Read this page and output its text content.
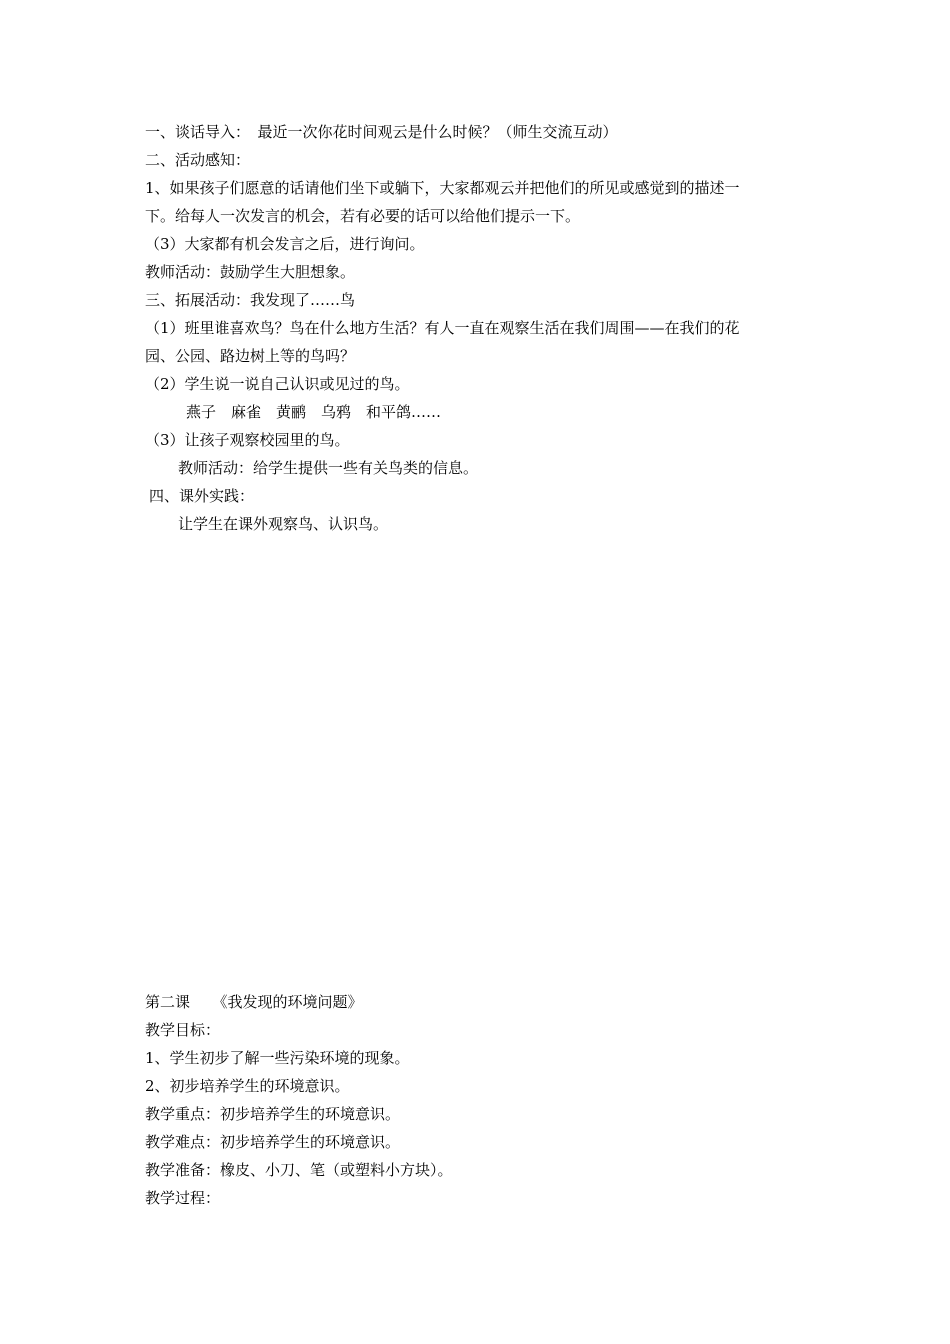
一、谈话导入：　最近一次你花时间观云是什么时候？（师生交流互动）
二、活动感知：
1、如果孩子们愿意的话请他们坐下或躺下，大家都观云并把他们的所见或感觉到的描述一
下。给每人一次发言的机会，若有必要的话可以给他们提示一下。
（3）大家都有机会发言之后，进行询问。
教师活动：鼓励学生大胆想象。
三、拓展活动：我发现了……鸟
（1）班里谁喜欢鸟？鸟在什么地方生活？有人一直在观察生活在我们周围——在我们的花
园、公园、路边树上等的鸟吗？
（2）学生说一说自己认识或见过的鸟。
燕子　麻雀　黄鹂　乌鸦　和平鸽……
（3）让孩子观察校园里的鸟。
教师活动：给学生提供一些有关鸟类的信息。
四、课外实践：
让学生在课外观察鸟、认识鸟。
第二课　　《我发现的环境问题》
教学目标：
1、学生初步了解一些污染环境的现象。
2、初步培养学生的环境意识。
教学重点：初步培养学生的环境意识。
教学难点：初步培养学生的环境意识。
教学准备：橡皮、小刀、笔（或塑料小方块）。
教学过程：
